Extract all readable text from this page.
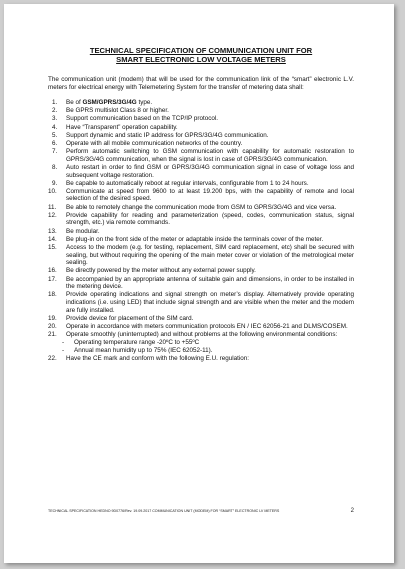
TECHNICAL SPECIFICATION OF COMMUNICATION UNIT FOR
SMART ELECTRONIC LOW VOLTAGE METERS

The communication unit (modem) that will be used for the communication link of the “smart” electronic L.V. meters for electrical energy with Telemetering System for the transfer of metering data shall:

1.	Be of GSM/GPRS/3G/4G type.
2.	Be GPRS multislot Class 8 or higher.
3.	Support communication based on the TCP/IP protocol.
4.	Have “Transparent” operation capability.
5.	Support dynamic and static IP address for GPRS/3G/4G communication.
6.	Operate with all mobile communication networks of the country.
7.	Perform automatic switching to GSM communication with capability for automatic restoration to GPRS/3G/4G communication, when the signal is lost in case of GPRS/3G/4G communication.
8.	Auto restart in order to find GSM or GPRS/3G/4G communication signal in case of voltage loss and subsequent voltage restoration.
9.	Be capable to automatically reboot at regular intervals, configurable from 1 to 24 hours.
10.	Communicate at speed from 9600 to at least 19.200 bps, with the capability of remote and local selection of the desired speed.
11.	Be able to remotely change the communication mode from GSM to GPRS/3G/4G and vice versa.
12.	Provide capability for reading and parameterization (speed, codes, communication status, signal strength, etc.) via remote commands.
13.	Be modular.
14.	Be plug-in on the front side of the meter or adaptable inside the terminals cover of the meter.
15.	Access to the modem (e.g. for testing, replacement, SIM card replacement, etc) shall be secured with sealing, but without requiring the opening of the main meter cover or violation of the metrological meter sealing.
16.	Be directly powered by the meter without any external power supply.
17.	Be accompanied by an appropriate antenna of suitable gain and dimensions, in order to be installed in the metering device.
18.	Provide operating indications and signal strength on meter’s display. Alternatively provide operating indications (i.e. using LED) that include signal strength and are visible when the meter and the modem are fully installed.
19.	Provide device for placement of the SIM card.
20.	Operate in accordance with meters communication protocols EN / IEC 62056-21 and DLMS/COSEM.
21.	Operate smoothly (uninterrupted) and without problems at the following environmental conditions:
-	Operating temperature range -20ºC to +55ºC
-	Annual mean humidity up to 75% (IEC 62052-11).
22.	Have the CE mark and conform with the following E.U. regulation:
TECHNICAL SPECIFICATION HEDNO 9D0776/Rev. 19.09.2017 COMMUNICATION UNIT (MODEM) FOR “SMART” ELECTRONIC LV METERS	2
